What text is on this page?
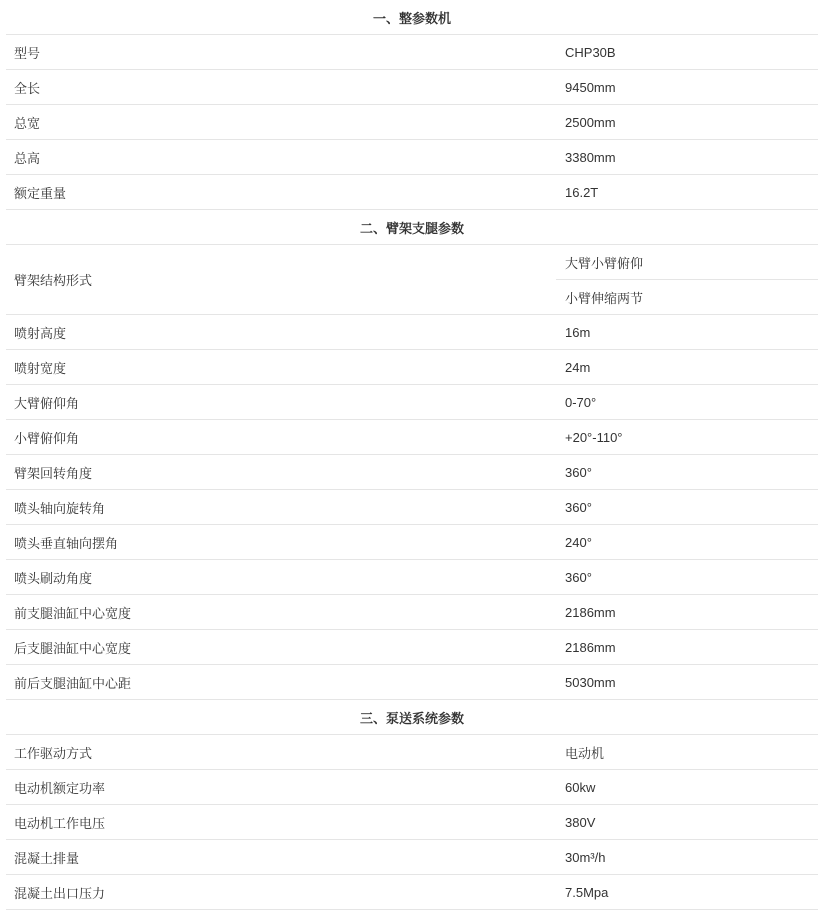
一、整参数机	
型号	CHP30B
全长	9450mm
总宽	2500mm
总高	3380mm
额定重量	16.2T
二、臂架支腿参数	
臂架结构形式	大臂小臂俯仰
	小臂伸缩两节
喷射高度	16m
喷射宽度	24m
大臂俯仰角	0-70°
小臂俯仰角	+20°-110°
臂架回转角度	360°
喷头轴向旋转角	360°
喷头垂直轴向摆角	240°
喷头刷动角度	360°
前支腿油缸中心宽度	2186mm
后支腿油缸中心宽度	2186mm
前后支腿油缸中心距	5030mm
三、泵送系统参数	
工作驱动方式	电动机
电动机额定功率	60kw
电动机工作电压	380V
混凝土排量	30m³/h
混凝土出口压力	7.5Mpa
